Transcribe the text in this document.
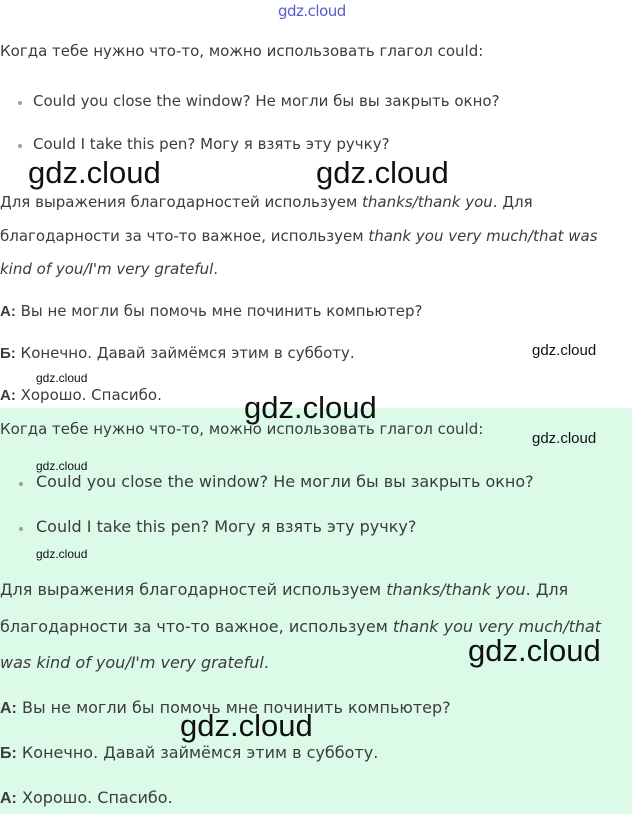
gdz.cloud
Когда тебе нужно что-то, можно использовать глагол could:
Could you close the window? Не могли бы вы закрыть окно?
Could I take this pen? Могу я взять эту ручку?
Для выражения благодарностей используем thanks/thank you. Для
благодарности за что-то важное, используем thank you very much/that was
kind of you/I'm very grateful.
А: Вы не могли бы помочь мне починить компьютер?
Б: Конечно. Давай займёмся этим в субботу.
А: Хорошо. Спасибо.
Когда тебе нужно что-то, можно использовать глагол could:
Could you close the window? Не могли бы вы закрыть окно?
Could I take this pen? Могу я взять эту ручку?
Для выражения благодарностей используем thanks/thank you. Для
благодарности за что-то важное, используем thank you very much/that
was kind of you/I'm very grateful.
А: Вы не могли бы помочь мне починить компьютер?
Б: Конечно. Давай займёмся этим в субботу.
А: Хорошо. Спасибо.
gdz.cloud	gdz.cloud
gdz.cloud
gdz.cloud
gdz.cloud
gdz.cloud
gdz.cloud
gdz.cloud
gdz.cloud
gdz.cloud
